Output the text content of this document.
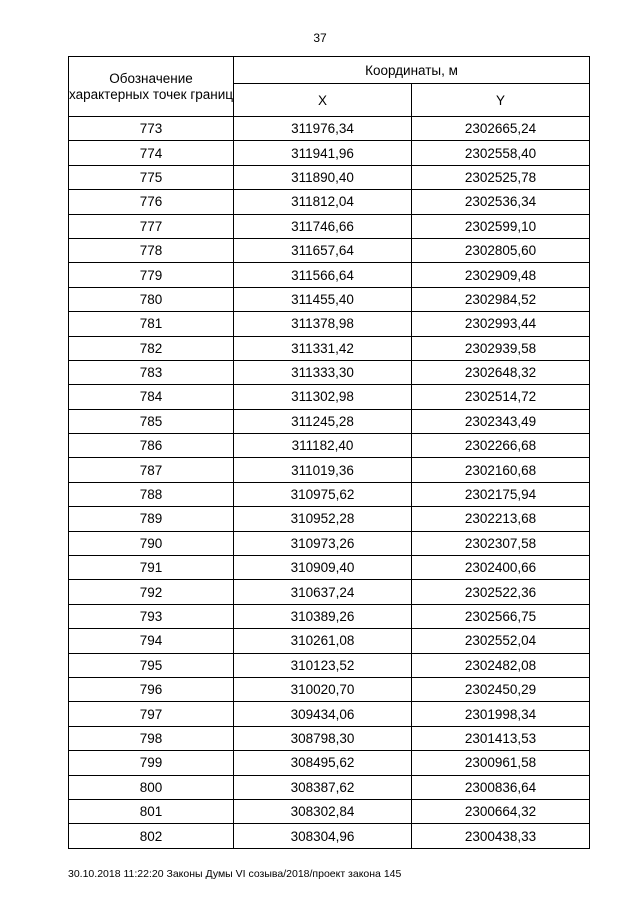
37
Обозначение характерных точек границ	Координаты, м	
	X	Y
773	311976,34	2302665,24
774	311941,96	2302558,40
775	311890,40	2302525,78
776	311812,04	2302536,34
777	311746,66	2302599,10
778	311657,64	2302805,60
779	311566,64	2302909,48
780	311455,40	2302984,52
781	311378,98	2302993,44
782	311331,42	2302939,58
783	311333,30	2302648,32
784	311302,98	2302514,72
785	311245,28	2302343,49
786	311182,40	2302266,68
787	311019,36	2302160,68
788	310975,62	2302175,94
789	310952,28	2302213,68
790	310973,26	2302307,58
791	310909,40	2302400,66
792	310637,24	2302522,36
793	310389,26	2302566,75
794	310261,08	2302552,04
795	310123,52	2302482,08
796	310020,70	2302450,29
797	309434,06	2301998,34
798	308798,30	2301413,53
799	308495,62	2300961,58
800	308387,62	2300836,64
801	308302,84	2300664,32
802	308304,96	2300438,33
30.10.2018 11:22:20 Законы Думы VI созыва/2018/проект закона 145
